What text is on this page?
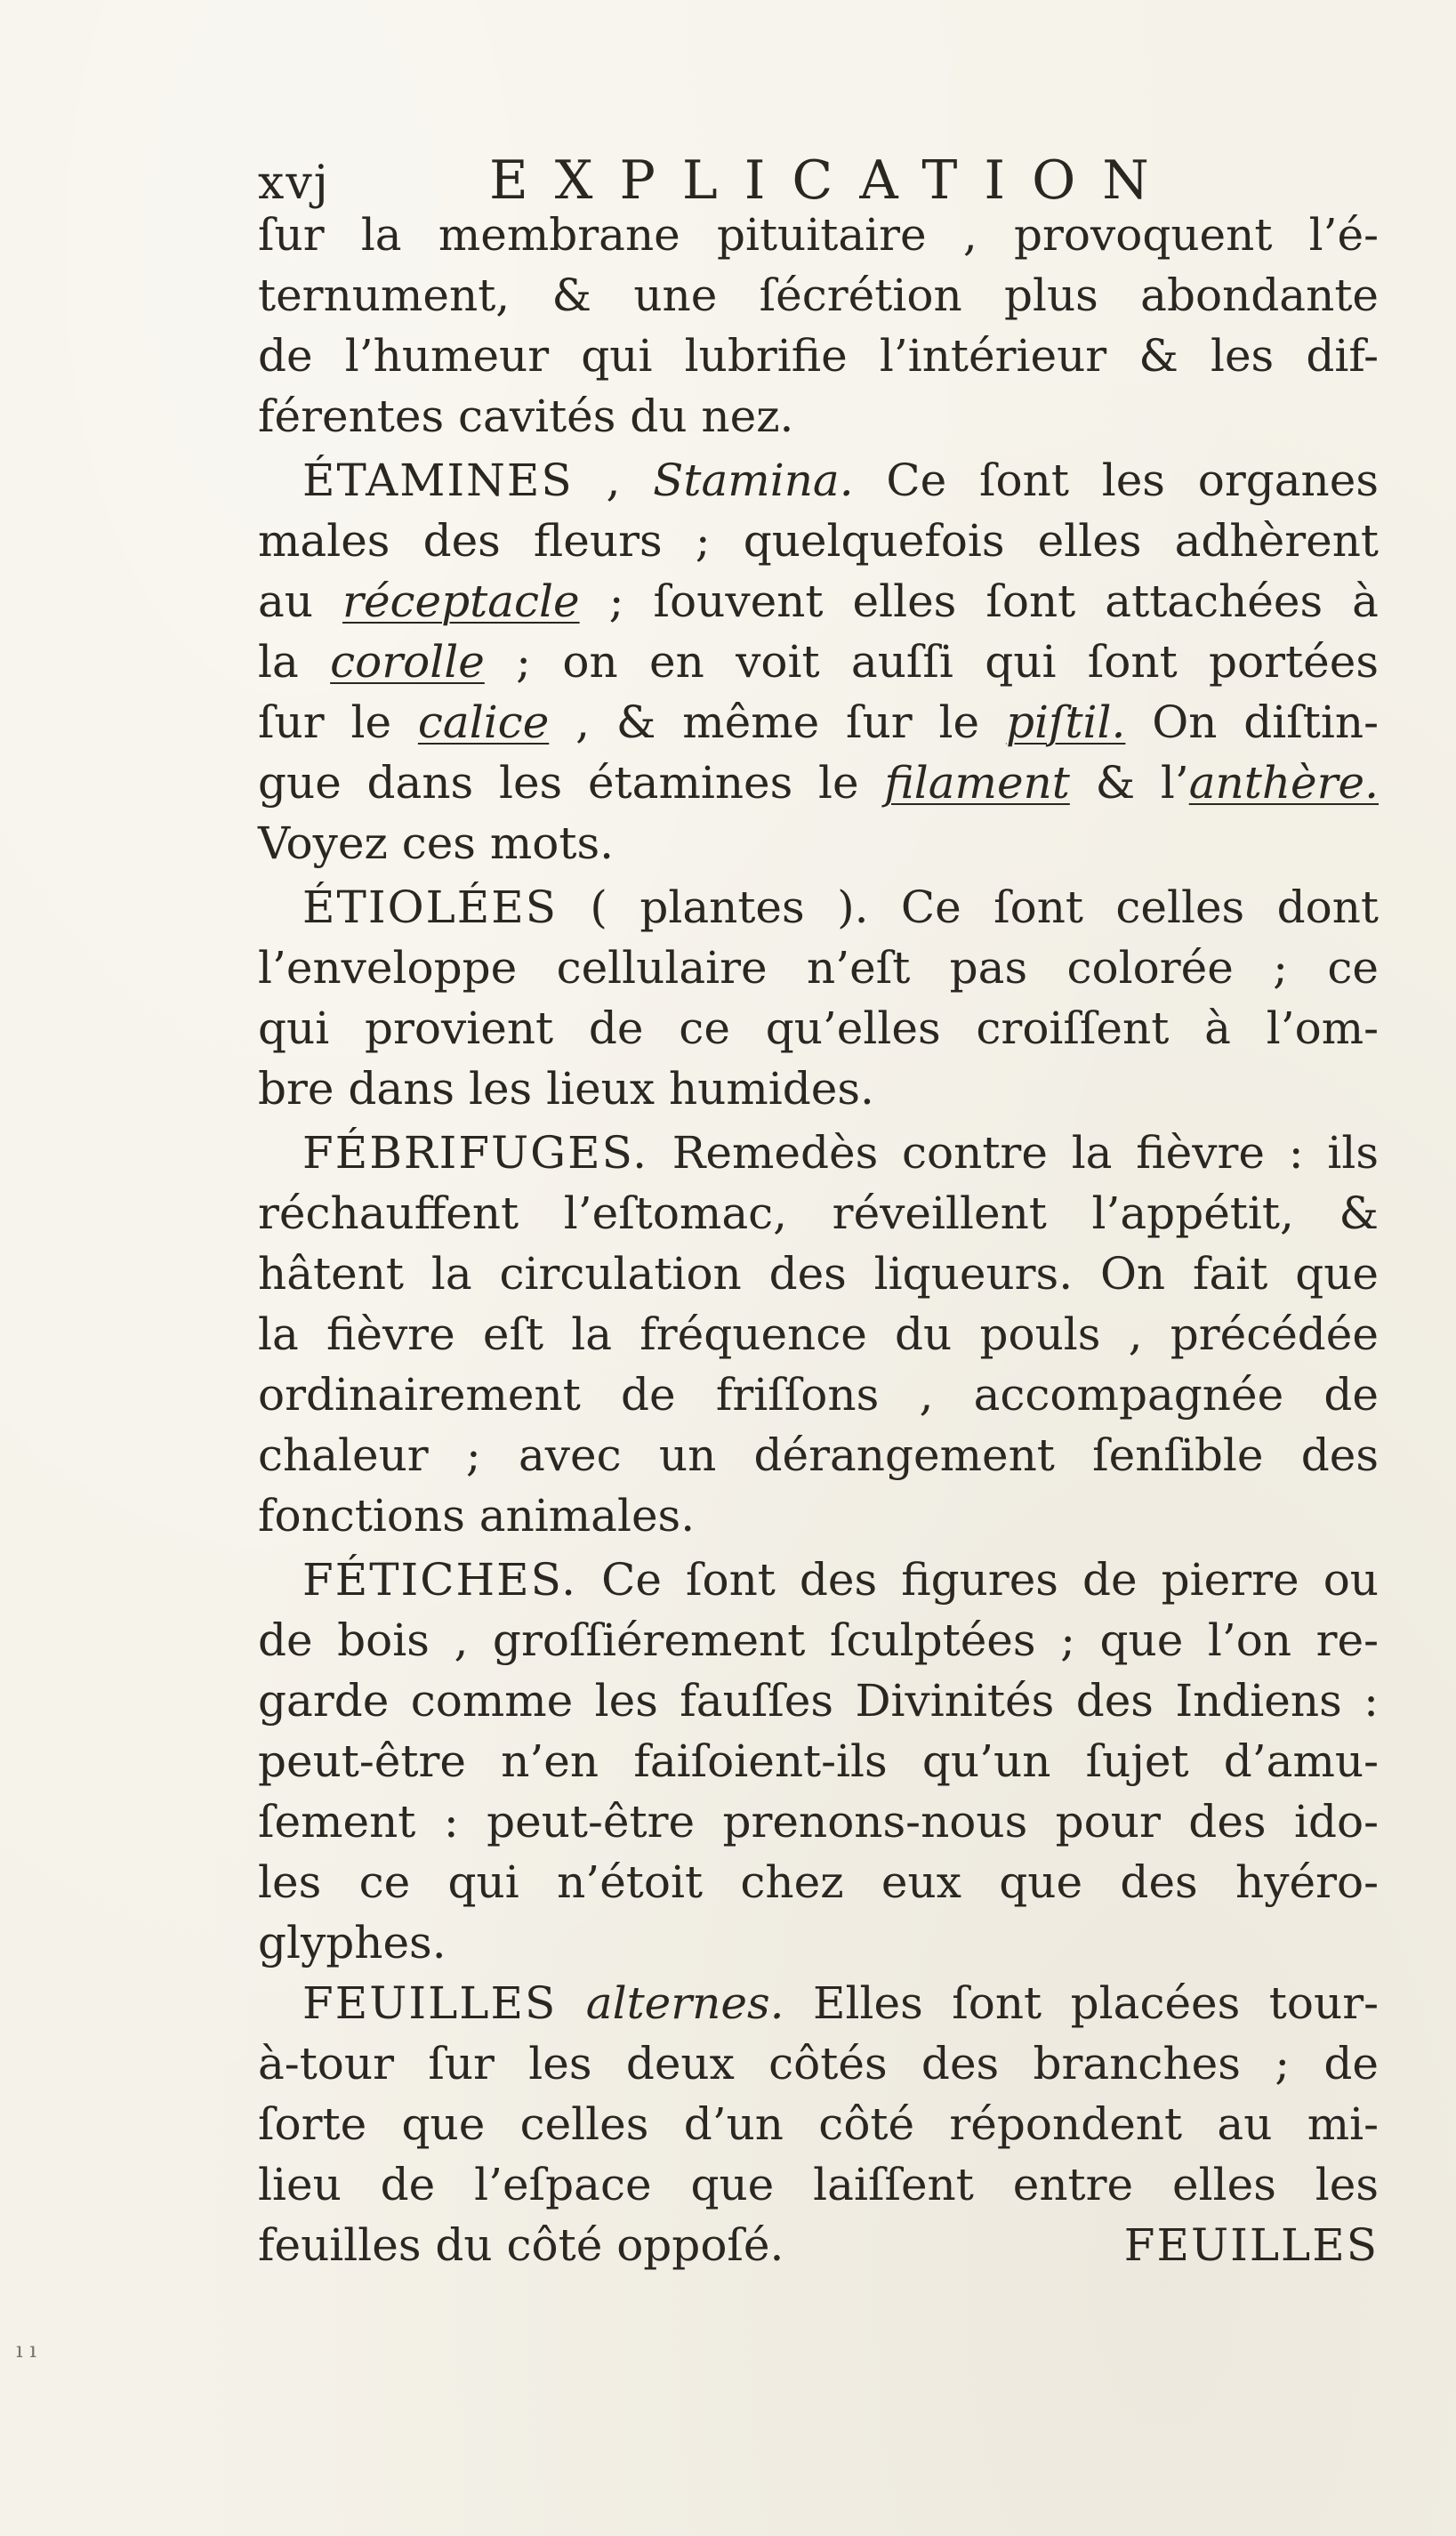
xvj	EXPLICATION
ſur la membrane pituitaire , provoquent l’é-
ternument, & une ſécrétion plus abondante
de l’humeur qui lubrifie l’intérieur & les dif-
férentes cavités du nez.
ÉTAMINES , Stamina. Ce ſont les organes
males des fleurs ; quelquefois elles adhèrent
au réceptacle ; ſouvent elles ſont attachées à
la corolle ; on en voit auſſi qui ſont portées
ſur le calice , & même ſur le piſtil. On diſtin-
gue dans les étamines le filament & l’anthère.
Voyez ces mots.
ÉTIOLÉES ( plantes ). Ce ſont celles dont
l’enveloppe cellulaire n’eſt pas colorée ; ce
qui provient de ce qu’elles croiſſent à l’om-
bre dans les lieux humides.
FÉBRIFUGES. Remedès contre la fièvre : ils
réchauffent l’eſtomac, réveillent l’appétit, &
hâtent la circulation des liqueurs. On fait que
la fièvre eſt la fréquence du pouls , précédée
ordinairement de friſſons , accompagnée de
chaleur ; avec un dérangement ſenſible des
fonctions animales.
FÉTICHES. Ce ſont des figures de pierre ou
de bois , groſſiérement ſculptées ; que l’on re-
garde comme les fauſſes Divinités des Indiens :
peut-être n’en faiſoient-ils qu’un ſujet d’amu-
ſement : peut-être prenons-nous pour des ido-
les ce qui n’étoit chez eux que des hyéro-
glyphes.
FEUILLES alternes. Elles ſont placées tour-
à-tour ſur les deux côtés des branches ; de
ſorte que celles d’un côté répondent au mi-
lieu de l’eſpace que laiſſent entre elles les
feuilles du côté oppoſé.	FEUILLES
ı ı
